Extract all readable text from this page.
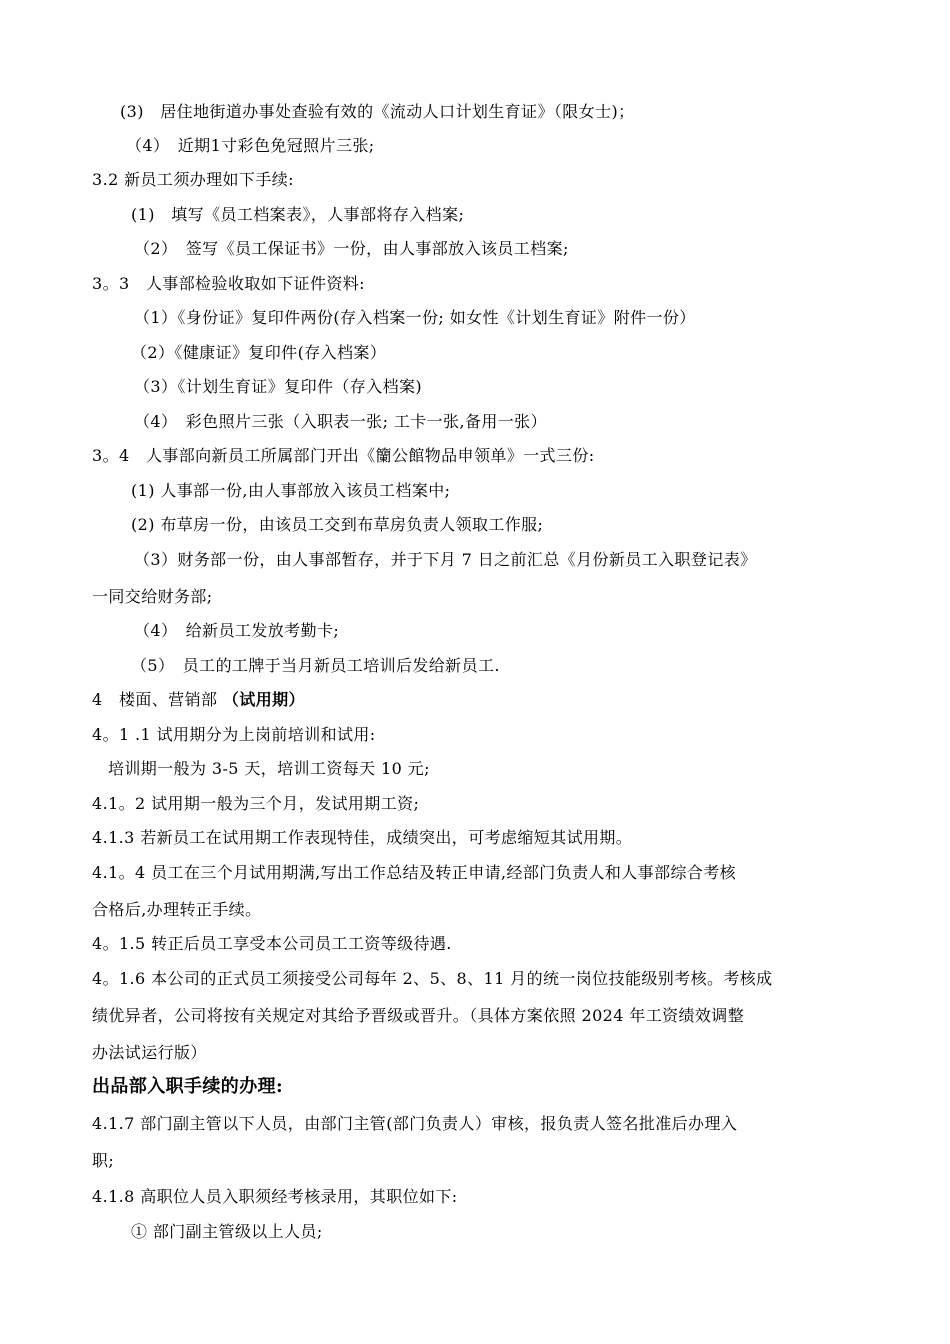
(3)　居住地街道办事处查验有效的《流动人口计划生育证》（限女士)；
（4）　近期1寸彩色免冠照片三张;
3.2 新员工须办理如下手续:
(1)　填写《员工档案表》，人事部将存入档案;
（2）　签写《员工保证书》一份，由人事部放入该员工档案;
3。3　人事部检验收取如下证件资料:
（1）《身份证》复印件两份(存入档案一份; 如女性《计划生育证》附件一份）
（2）《健康证》复印件(存入档案）
（3）《计划生育证》复印件（存入档案)
（4）　彩色照片三张（入职表一张; 工卡一张,备用一张）
3。4　人事部向新员工所属部门开出《籣公館物品申领单》一式三份:
(1) 人事部一份,由人事部放入该员工档案中;
(2) 布草房一份，由该员工交到布草房负责人领取工作服;
（3）财务部一份，由人事部暂存，并于下月 7 日之前汇总《月份新员工入职登记表》
一同交给财务部;
（4）　给新员工发放考勤卡;
（5）　员工的工牌于当月新员工培训后发给新员工.
4　楼面、营销部 （试用期）
4。1 .1 试用期分为上岗前培训和试用:
培训期一般为 3-5 天，培训工资每天 10 元;
4.1。2 试用期一般为三个月，发试用期工资;
4.1.3 若新员工在试用期工作表现特佳，成绩突出，可考虑缩短其试用期。
4.1。4 员工在三个月试用期满,写出工作总结及转正申请,经部门负责人和人事部综合考核
合格后,办理转正手续。
4。1.5 转正后员工享受本公司员工工资等级待遇.
4。1.6 本公司的正式员工须接受公司每年 2、5、8、11 月的统一岗位技能级别考核。考核成
绩优异者，公司将按有关规定对其给予晋级或晋升。（具体方案依照 2024 年工资绩效调整
办法试运行版）
出品部入职手续的办理:
4.1.7 部门副主管以下人员，由部门主管(部门负责人）审核，报负责人签名批准后办理入
职;
4.1.8 高职位人员入职须经考核录用，其职位如下:
① 部门副主管级以上人员;
